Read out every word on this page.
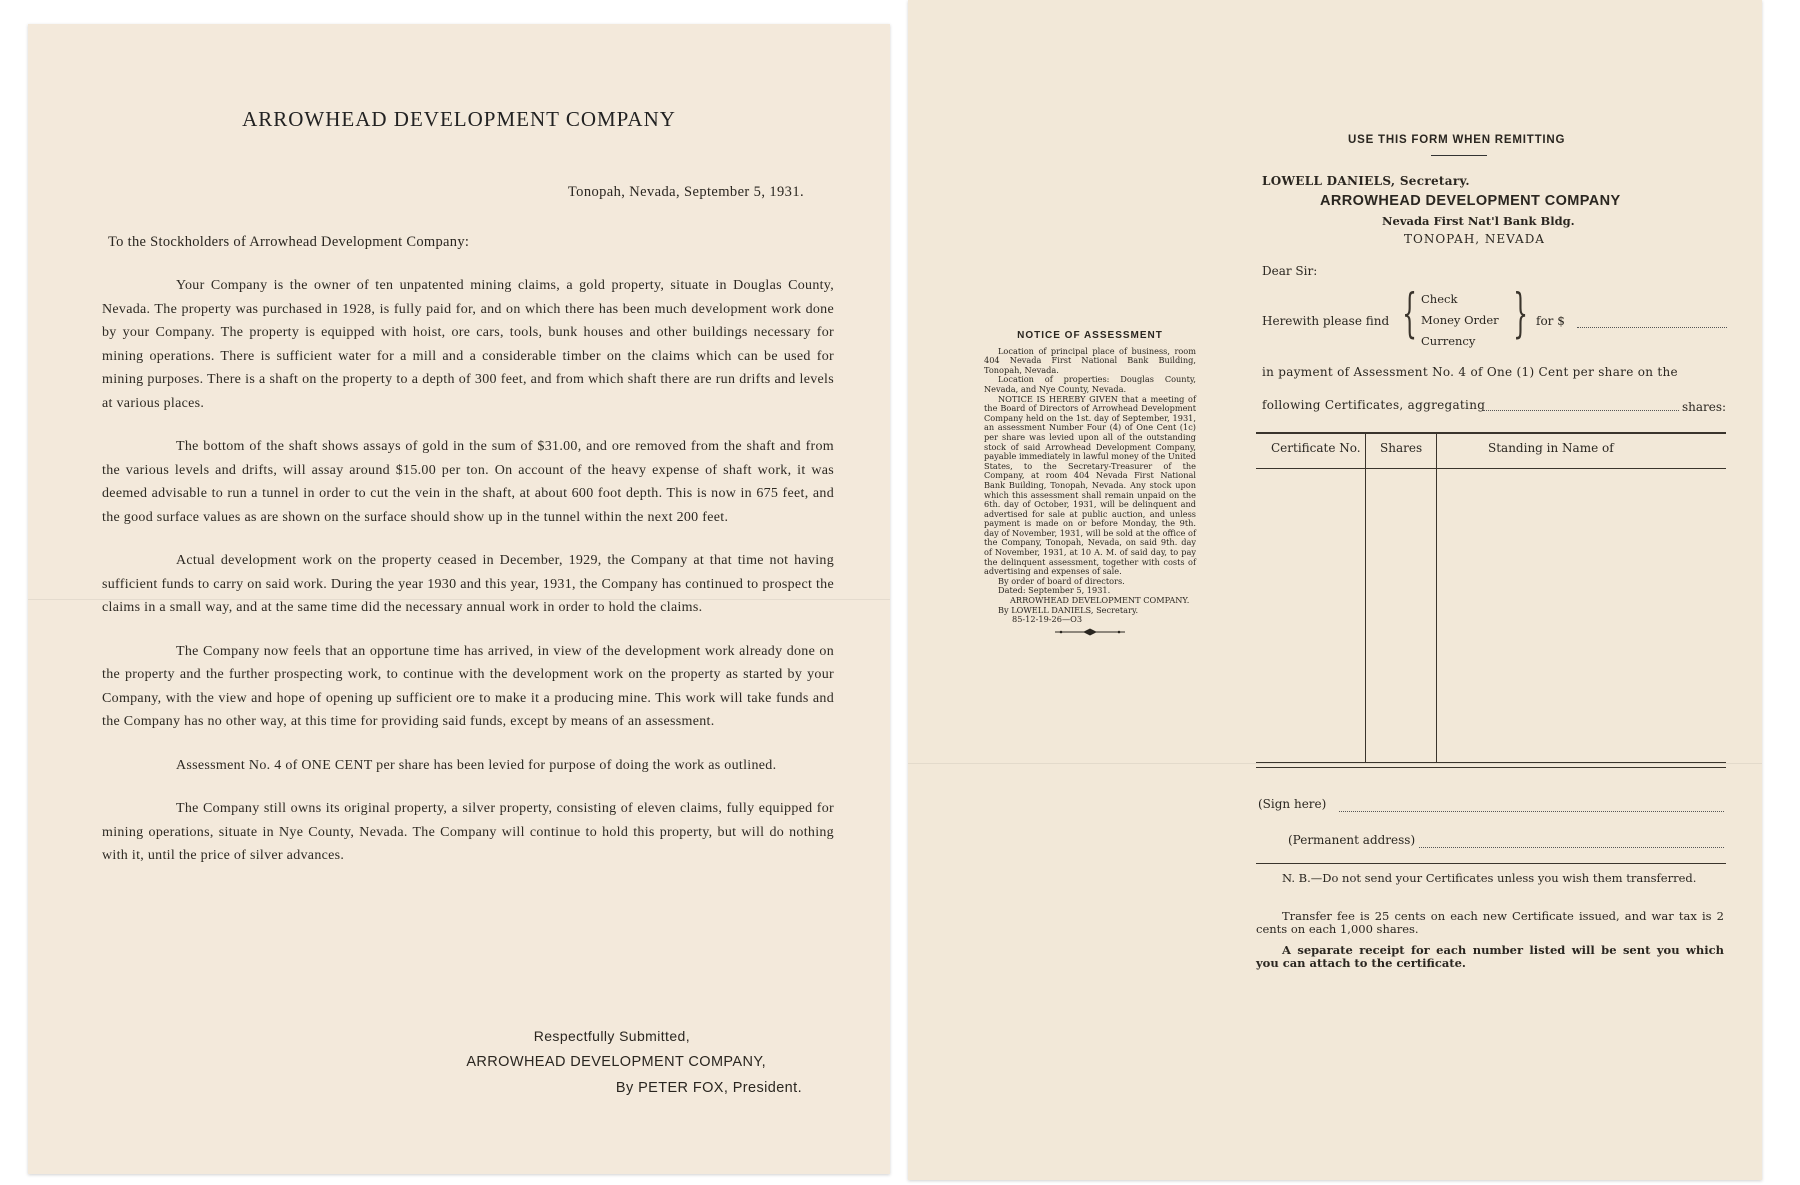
ARROWHEAD DEVELOPMENT COMPANY
Tonopah, Nevada, September 5, 1931.
To the Stockholders of Arrowhead Development Company:

Your Company is the owner of ten unpatented mining claims, a gold property, situate in Douglas County, Nevada. The property was purchased in 1928, is fully paid for, and on which there has been much development work done by your Company. The property is equipped with hoist, ore cars, tools, bunk houses and other buildings necessary for mining operations. There is sufficient water for a mill and a considerable timber on the claims which can be used for mining purposes. There is a shaft on the property to a depth of 300 feet, and from which shaft there are run drifts and levels at various places.

The bottom of the shaft shows assays of gold in the sum of $31.00, and ore removed from the shaft and from the various levels and drifts, will assay around $15.00 per ton. On account of the heavy expense of shaft work, it was deemed advisable to run a tunnel in order to cut the vein in the shaft, at about 600 foot depth. This is now in 675 feet, and the good surface values as are shown on the surface should show up in the tunnel within the next 200 feet.

Actual development work on the property ceased in December, 1929, the Company at that time not having sufficient funds to carry on said work. During the year 1930 and this year, 1931, the Company has continued to prospect the claims in a small way, and at the same time did the necessary annual work in order to hold the claims.

The Company now feels that an opportune time has arrived, in view of the development work already done on the property and the further prospecting work, to continue with the development work on the property as started by your Company, with the view and hope of opening up sufficient ore to make it a producing mine. This work will take funds and the Company has no other way, at this time for providing said funds, except by means of an assessment.

Assessment No. 4 of ONE CENT per share has been levied for purpose of doing the work as outlined.

The Company still owns its original property, a silver property, consisting of eleven claims, fully equipped for mining operations, situate in Nye County, Nevada. The Company will continue to hold this property, but will do nothing with it, until the price of silver advances.

Respectfully Submitted,
ARROWHEAD DEVELOPMENT COMPANY,
By PETER FOX, President.
NOTICE OF ASSESSMENT

Location of principal place of business, room 404 Nevada First National Bank Building, Tonopah, Nevada.

Location of properties: Douglas County, Nevada, and Nye County, Nevada.

NOTICE IS HEREBY GIVEN that a meeting of the Board of Directors of Arrowhead Development Company held on the 1st. day of September, 1931, an assessment Number Four (4) of One Cent (1c) per share was levied upon all of the outstanding stock of said Arrowhead Development Company, payable immediately in lawful money of the United States, to the Secretary-Treasurer of the Company, at room 404 Nevada First National Bank Building, Tonopah, Nevada. Any stock upon which this assessment shall remain unpaid on the 6th. day of October, 1931, will be delinquent and advertised for sale at public auction, and unless payment is made on or before Monday, the 9th. day of November, 1931, will be sold at the office of the Company, Tonopah, Nevada, on said 9th. day of November, 1931, at 10 A. M. of said day, to pay the delinquent assessment, together with costs of advertising and expenses of sale.

By order of board of directors.

Dated: September 5, 1931.

ARROWHEAD DEVELOPMENT COMPANY.

By LOWELL DANIELS, Secretary.

85-12-19-26—O3

USE THIS FORM WHEN REMITTING
LOWELL DANIELS, Secretary.
ARROWHEAD DEVELOPMENT COMPANY
Nevada First Nat'l Bank Bldg.
TONOPAH, NEVADA
Dear Sir:
Herewith please find { Check
Money Order
Currency } for $
in payment of Assessment No. 4 of One (1) Cent per share on the
following Certificates, aggregating	shares:
Certificate No. Shares	Standing in Name of
(Sign here)
(Permanent address)
N. B.—Do not send your Certificates unless you wish them transferred.
Transfer fee is 25 cents on each new Certificate issued, and war tax is 2 cents on each 1,000 shares.
A separate receipt for each number listed will be sent you which you can attach to the certificate.
